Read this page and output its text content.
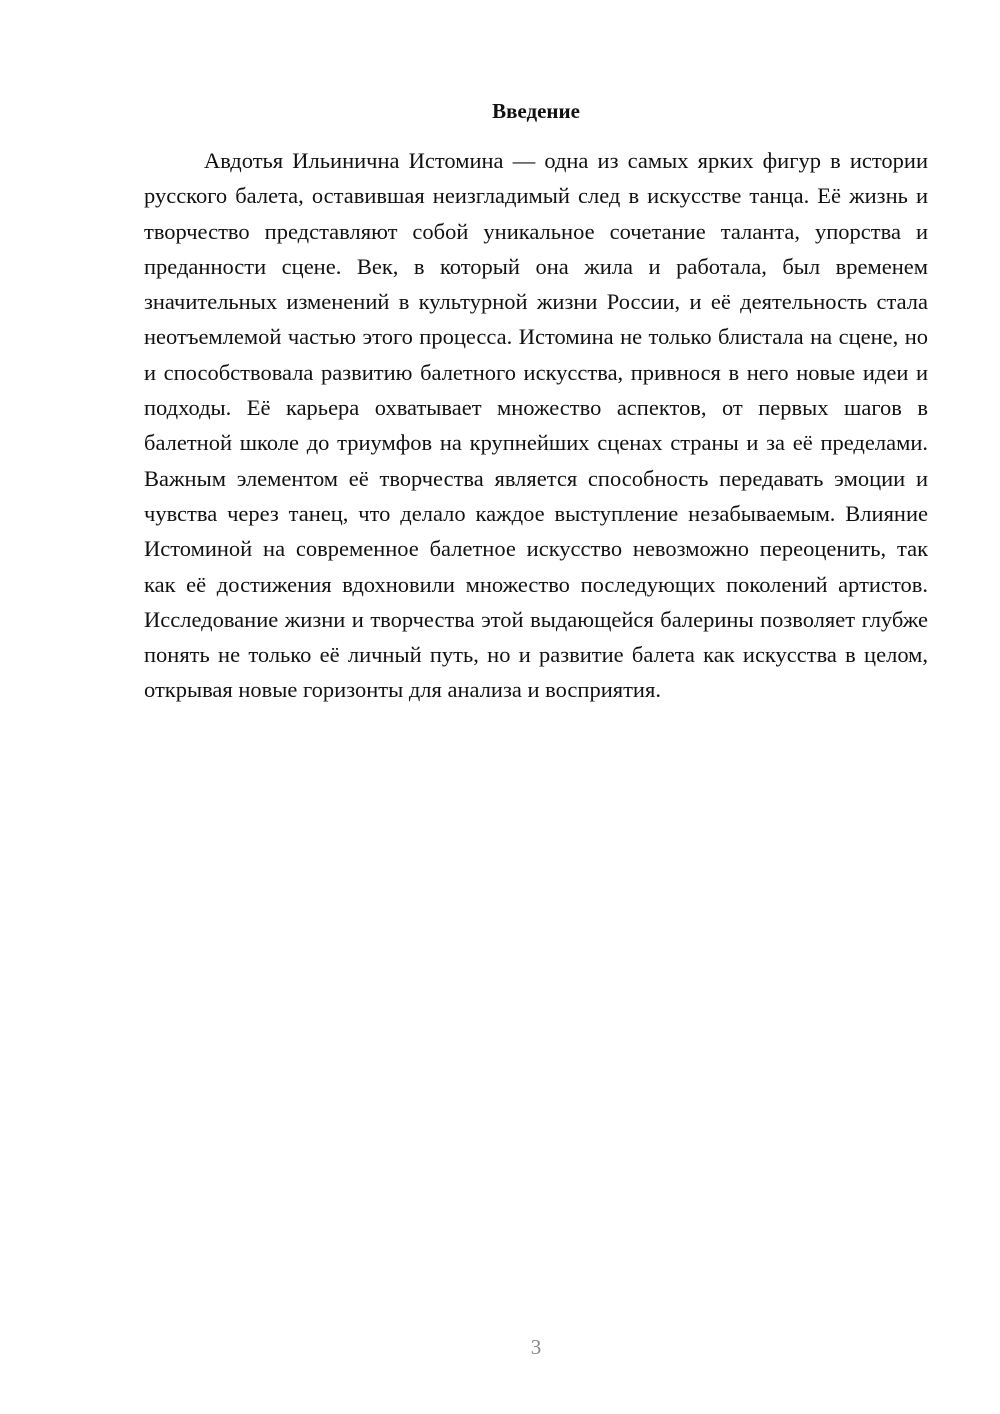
Введение

Авдотья Ильинична Истомина — одна из самых ярких фигур в истории русского балета, оставившая неизгладимый след в искусстве танца. Её жизнь и творчество представляют собой уникальное сочетание таланта, упорства и преданности сцене. Век, в который она жила и работала, был временем значительных изменений в культурной жизни России, и её деятельность стала неотъемлемой частью этого процесса. Истомина не только блистала на сцене, но и способствовала развитию балетного искусства, привнося в него новые идеи и подходы. Её карьера охватывает множество аспектов, от первых шагов в балетной школе до триумфов на крупнейших сценах страны и за её пределами. Важным элементом её творчества является способность передавать эмоции и чувства через танец, что делало каждое выступление незабываемым. Влияние Истоминой на современное балетное искусство невозможно переоценить, так как её достижения вдохновили множество последующих поколений артистов. Исследование жизни и творчества этой выдающейся балерины позволяет глубже понять не только её личный путь, но и развитие балета как искусства в целом, открывая новые горизонты для анализа и восприятия.

3
